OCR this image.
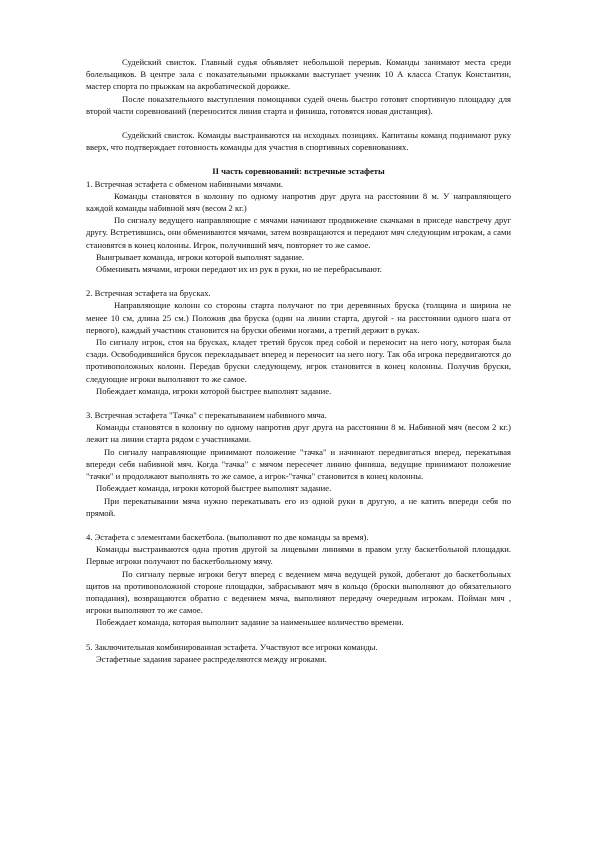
Судейский свисток. Главный судья объявляет небольшой перерыв. Команды занимают места среди болельщиков. В центре зала с показательными прыжками выступает ученик 10 А класса Стапук Константин, мастер спорта по прыжкам на акробатической дорожке.

После показательного выступления помощники судей очень быстро готовят спортивную площадку для второй части соревнований (переносится линия старта и финиша, готовятся новая дистанция).

Судейский свисток. Команды выстраиваются на исходных позициях. Капитаны команд поднимают руку вверх, что подтверждает готовность команды для участия в спортивных соревнованиях.

II часть соревнований: встречные эстафеты

1. Встречная эстафета с обменом набивными мячами.

Команды становятся в колонну по одному напротив друг друга на расстоянии 8 м. У направляющего каждой команды набивной мяч (весом 2 кг.)

По сигналу ведущего направляющие с мячами начинают продвижение скачками в приседе навстречу друг другу. Встретившись, они обмениваются мячами, затем возвращаются и передают мяч следующим игрокам, а сами становятся в конец колонны. Игрок, получивший мяч, повторяет то же самое.

Выигрывает команда, игроки которой выполнят задание.

Обменивать мячами, игроки передают их из рук в руки, но не перебрасывают.

2. Встречная эстафета на брусках.

Направляющие колонн со стороны старта получают по три деревянных бруска (толщина и ширина не менее 10 см, длина 25 см.) Положив два бруска (один на линии старта, другой - на расстоянии одного шага от первого), каждый участник становится на бруски обеими ногами, а третий держит в руках.

По сигналу игрок, стоя на брусках, кладет третий брусок пред собой и переносит на него ногу, которая была сзади. Освободившийся брусок перекладывает вперед и переносит на него ногу. Так оба игрока передвигаются до противоположных колонн. Передав бруски следующему, игрок становится в конец колонны. Получив бруски, следующие игроки выполняют то же самое.

Побеждает команда, игроки которой быстрее выполнят задание.

3. Встречная эстафета "Тачка" с перекатыванием набивного мяча.

Команды становятся в колонну по одному напротив друг друга на расстоянии 8 м. Набивной мяч (весом 2 кг.) лежит на линии старта рядом с участниками.

По сигналу направляющие принимают положение "тачка" и начинают передвигаться вперед, перекатывая впереди себя набивной мяч. Когда "тачка" с мячом пересечет линию финиша, ведущие принимают положение "тачки" и продолжают выполнять то же самое, а игрок-"тачка" становится в конец колонны.

Побеждает команда, игроки которой быстрее выполнят задание.

При перекатывании мяча нужно перекатывать его из одной руки в другую, а не катить впереди себя по прямой.

4. Эстафета с элементами баскетбола. (выполняют по две команды за время).

Команды выстраиваются одна против другой за лицевыми линиями в правом углу баскетбольной площадки. Первые игроки получают по баскетбольному мячу.

По сигналу первые игроки бегут вперед с ведением мяча ведущей рукой, добегают до баскетбольных щитов на противоположной стороне площадки, забрасывают мяч в кольцо (броски выполняют до обязательного попадания), возвращаются обратно с ведением мяча, выполняют передачу очередным игрокам. Пойман мяч , игроки выполняют то же самое.

Побеждает команда, которая выполнит задание за наименьшее количество времени.

5. Заключительная комбинированная эстафета. Участвуют все игроки команды.

Эстафетные задания заранее распределяются между игроками.
